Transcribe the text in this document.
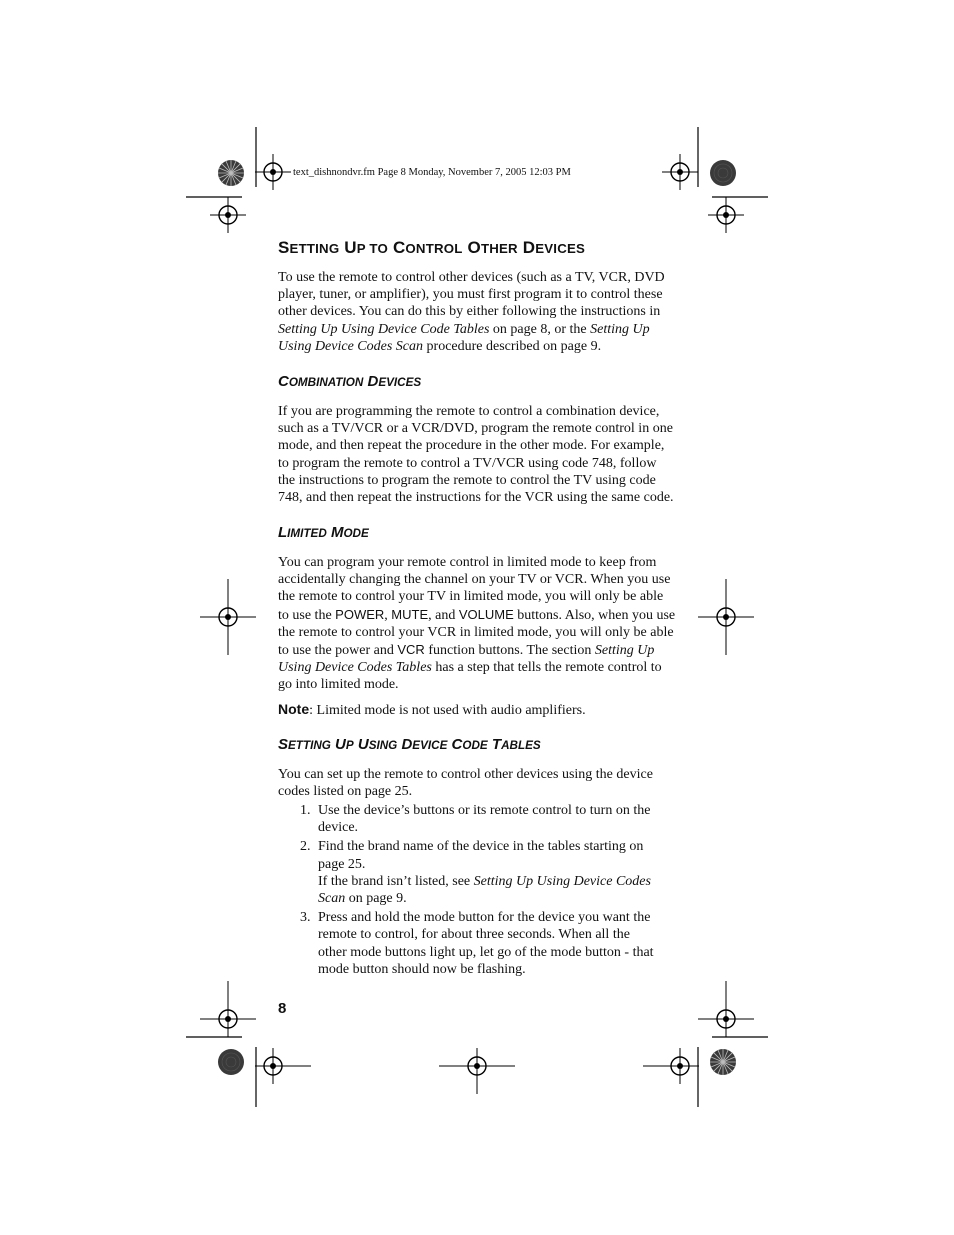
text_dishnondvr.fm Page 8 Monday, November 7, 2005 12:03 PM
SETTING UP TO CONTROL OTHER DEVICES

To use the remote to control other devices (such as a TV, VCR, DVD player, tuner, or amplifier), you must first program it to control these other devices. You can do this by either following the instructions in Setting Up Using Device Code Tables on page 8, or the Setting Up Using Device Codes Scan procedure described on page 9.

COMBINATION DEVICES

If you are programming the remote to control a combination device, such as a TV/VCR or a VCR/DVD, program the remote control in one mode, and then repeat the procedure in the other mode. For example, to program the remote to control a TV/VCR using code 748, follow the instructions to program the remote to control the TV using code 748, and then repeat the instructions for the VCR using the same code.

LIMITED MODE

You can program your remote control in limited mode to keep from accidentally changing the channel on your TV or VCR. When you use the remote to control your TV in limited mode, you will only be able to use the POWER, MUTE, and VOLUME buttons. Also, when you use the remote to control your VCR in limited mode, you will only be able to use the power and VCR function buttons. The section Setting Up Using Device Codes Tables has a step that tells the remote control to go into limited mode.

Note: Limited mode is not used with audio amplifiers.

SETTING UP USING DEVICE CODE TABLES

You can set up the remote to control other devices using the device codes listed on page 25.

1. Use the device’s buttons or its remote control to turn on the device.
2. Find the brand name of the device in the tables starting on page 25.
If the brand isn’t listed, see Setting Up Using Device Codes Scan on page 9.
3. Press and hold the mode button for the device you want the remote to control, for about three seconds. When all the other mode buttons light up, let go of the mode button - that mode button should now be flashing.
8
